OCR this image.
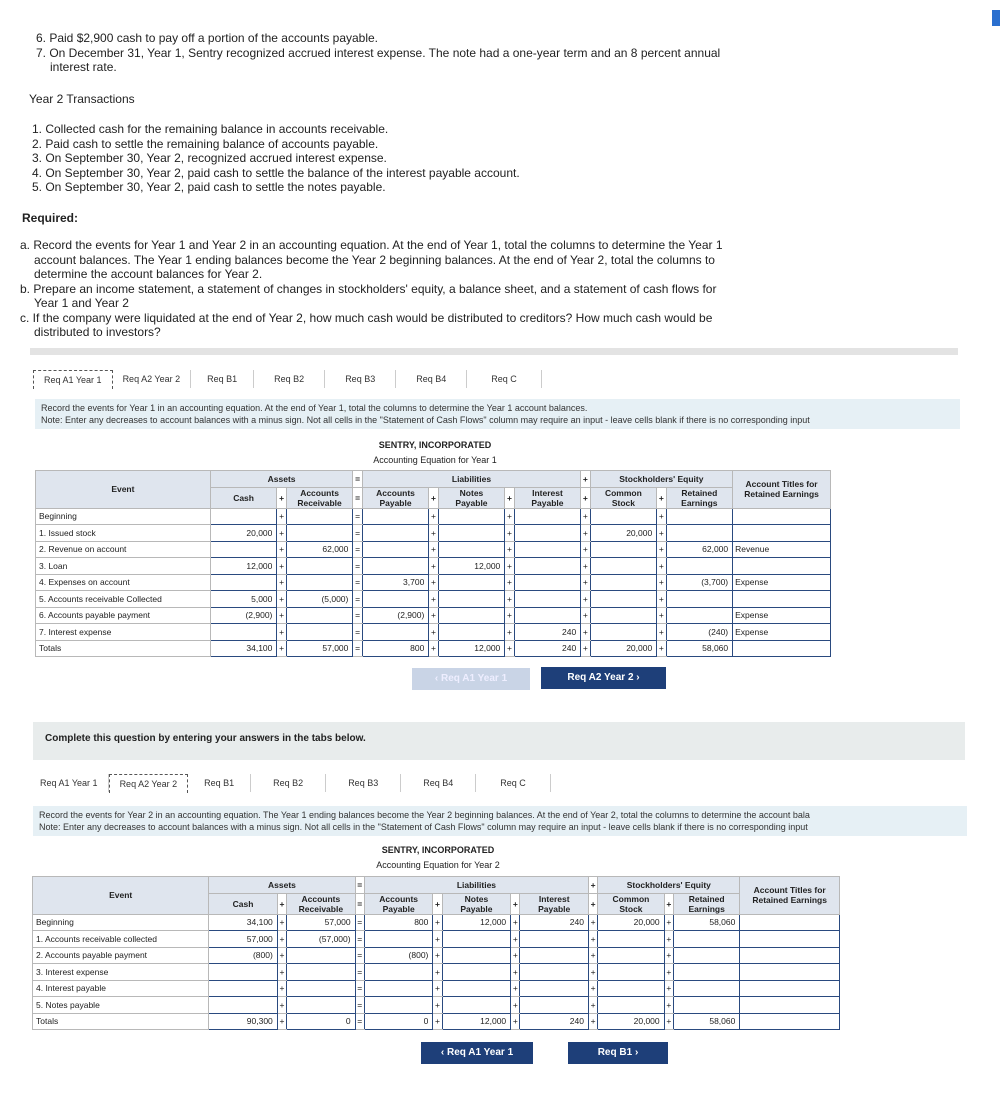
6. Paid $2,900 cash to pay off a portion of the accounts payable.

7. On December 31, Year 1, Sentry recognized accrued interest expense. The note had a one-year term and an 8 percent annual

interest rate.

Year 2 Transactions

1. Collected cash for the remaining balance in accounts receivable.

2. Paid cash to settle the remaining balance of accounts payable.

3. On September 30, Year 2, recognized accrued interest expense.

4. On September 30, Year 2, paid cash to settle the balance of the interest payable account.

5. On September 30, Year 2, paid cash to settle the notes payable.

Required:

a. Record the events for Year 1 and Year 2 in an accounting equation. At the end of Year 1, total the columns to determine the Year 1

account balances. The Year 1 ending balances become the Year 2 beginning balances. At the end of Year 2, total the columns to

determine the account balances for Year 2.

b. Prepare an income statement, a statement of changes in stockholders' equity, a balance sheet, and a statement of cash flows for

Year 1 and Year 2

c. If the company were liquidated at the end of Year 2, how much cash would be distributed to creditors? How much cash would be

distributed to investors?

Req A1 Year 1	Req A2 Year 2	Req B1	Req B2	Req B3	Req B4	Req C
Record the events for Year 1 in an accounting equation. At the end of Year 1, total the columns to determine the Year 1 account balances.
Note: Enter any decreases to account balances with a minus sign. Not all cells in the "Statement of Cash Flows" column may require an input - leave cells blank if there is no corresponding input
SENTRY, INCORPORATED
Accounting Equation for Year 1
Event	Assets			=	Liabilities					+	Stockholders' Equity			Account Titles for
Retained Earnings
	Cash	+	Accounts
Receivable	=	Accounts
Payable	+	Notes
Payable	+	Interest
Payable	+	Common
Stock	+	Retained
Earnings	
Beginning		+		=		+		+		+		+		
1. Issued stock	20,000	+		=		+		+		+	20,000	+		
2. Revenue on account		+	62,000	=		+		+		+		+	62,000	Revenue
3. Loan	12,000	+		=		+	12,000	+		+		+		
4. Expenses on account		+		=	3,700	+		+		+		+	(3,700)	Expense
5. Accounts receivable Collected	5,000	+	(5,000)	=		+		+		+		+		
6. Accounts payable payment	(2,900)	+		=	(2,900)	+		+		+		+		Expense
7. Interest expense		+		=		+		+	240	+		+	(240)	Expense
Totals	34,100	+	57,000	=	800	+	12,000	+	240	+	20,000	+	58,060	
‹ Req A1 Year 1	Req A2 Year 2 ›
Complete this question by entering your answers in the tabs below.
Req A1 Year 1	Req A2 Year 2	Req B1	Req B2	Req B3	Req B4	Req C
Record the events for Year 2 in an accounting equation. The Year 1 ending balances become the Year 2 beginning balances. At the end of Year 2, total the columns to determine the account bala
Note: Enter any decreases to account balances with a minus sign. Not all cells in the "Statement of Cash Flows" column may require an input - leave cells blank if there is no corresponding input
SENTRY, INCORPORATED
Accounting Equation for Year 2
Event	Assets			=	Liabilities					+	Stockholders' Equity			Account Titles for
Retained Earnings
	Cash	+	Accounts
Receivable	=	Accounts
Payable	+	Notes
Payable	+	Interest
Payable	+	Common
Stock	+	Retained
Earnings	
Beginning	34,100	+	57,000	=	800	+	12,000	+	240	+	20,000	+	58,060	
1. Accounts receivable collected	57,000	+	(57,000)	=		+		+		+		+		
2. Accounts payable payment	(800)	+		=	(800)	+		+		+		+		
3. Interest expense		+		=		+		+		+		+		
4. Interest payable		+		=		+		+		+		+		
5. Notes payable		+		=		+		+		+		+		
Totals	90,300	+	0	=	0	+	12,000	+	240	+	20,000	+	58,060	
‹ Req A1 Year 1	Req B1 ›
